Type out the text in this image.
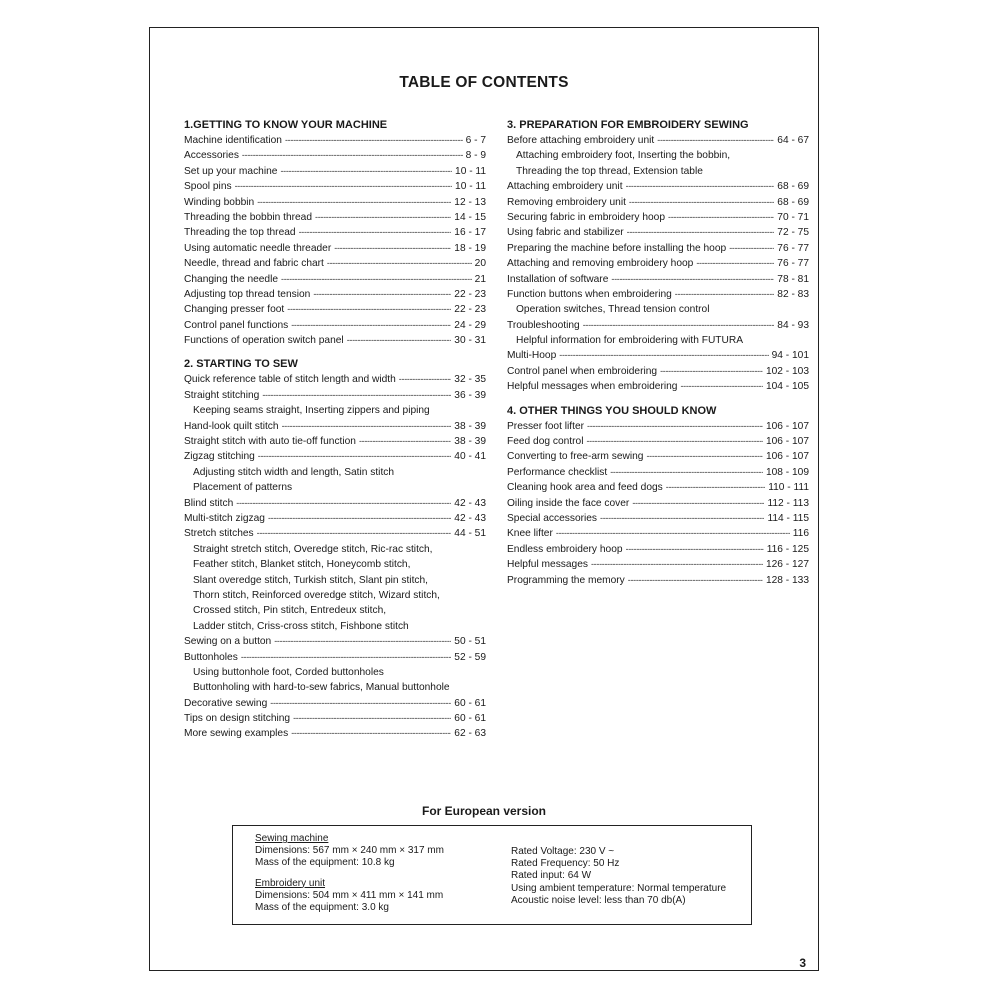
TABLE OF CONTENTS
1.GETTING TO KNOW YOUR MACHINE
Machine identification -----	6 - 7
Accessories -----	8 - 9
Set up your machine -----	10 - 11
Spool pins -----	10 - 11
Winding bobbin -----	12 - 13
Threading the bobbin thread -----	14 - 15
Threading the top thread -----	16 - 17
Using automatic needle threader -----	18 - 19
Needle, thread and fabric chart -----	20
Changing the needle -----	21
Adjusting top thread tension -----	22 - 23
Changing presser foot -----	22 - 23
Control panel functions -----	24 - 29
Functions of operation switch panel -----	30 - 31
2. STARTING TO SEW
Quick reference table of stitch length and width -----	32 - 35
Straight stitching -----	36 - 39
Keeping seams straight, Inserting zippers and piping
Hand-look quilt stitch -----	38 - 39
Straight stitch with auto tie-off function -----	38 - 39
Zigzag stitching -----	40 - 41
Adjusting stitch width and length, Satin stitch
Placement of patterns
Blind stitch -----	42 - 43
Multi-stitch zigzag -----	42 - 43
Stretch stitches -----	44 - 51
Straight stretch stitch, Overedge stitch, Ric-rac stitch,
Feather stitch, Blanket stitch, Honeycomb stitch,
Slant overedge stitch, Turkish stitch, Slant pin stitch,
Thorn stitch, Reinforced overedge stitch, Wizard stitch,
Crossed stitch, Pin stitch, Entredeux stitch,
Ladder stitch, Criss-cross stitch, Fishbone stitch
Sewing on a button -----	50 - 51
Buttonholes -----	52 - 59
Using buttonhole foot, Corded buttonholes
Buttonholing with hard-to-sew fabrics, Manual buttonhole
Decorative sewing -----	60 - 61
Tips on design stitching -----	60 - 61
More sewing examples -----	62 - 63
3. PREPARATION FOR EMBROIDERY SEWING
Before attaching embroidery unit -----	64 - 67
Attaching embroidery foot, Inserting the bobbin,
Threading the top thread, Extension table
Attaching embroidery unit -----	68 - 69
Removing embroidery unit -----	68 - 69
Securing fabric in embroidery hoop -----	70 - 71
Using fabric and stabilizer -----	72 - 75
Preparing the machine before installing the hoop -----	76 - 77
Attaching and removing embroidery hoop -----	76 - 77
Installation of software -----	78 - 81
Function buttons when embroidering -----	82 - 83
Operation switches, Thread tension control
Troubleshooting -----	84 - 93
Helpful information for embroidering with FUTURA
Multi-Hoop -----	94 - 101
Control panel when embroidering -----	102 - 103
Helpful messages when embroidering -----	104 - 105
4. OTHER THINGS YOU SHOULD KNOW
Presser foot lifter -----	106 - 107
Feed dog control -----	106 - 107
Converting to free-arm sewing -----	106 - 107
Performance checklist -----	108 - 109
Cleaning hook area and feed dogs -----	110 - 111
Oiling inside the face cover -----	112 - 113
Special accessories -----	114 - 115
Knee lifter -----	116
Endless embroidery hoop -----	116 - 125
Helpful messages -----	126 - 127
Programming the memory -----	128 - 133
For European version
Sewing machine
Dimensions: 567 mm × 240 mm × 317 mm
Mass of the equipment: 10.8 kg
Embroidery unit
Dimensions: 504 mm × 411 mm × 141 mm
Mass of the equipment: 3.0 kg
Rated Voltage: 230 V ~
Rated Frequency: 50 Hz
Rated input: 64 W
Using ambient temperature: Normal temperature
Acoustic noise level: less than 70 db(A)
3
